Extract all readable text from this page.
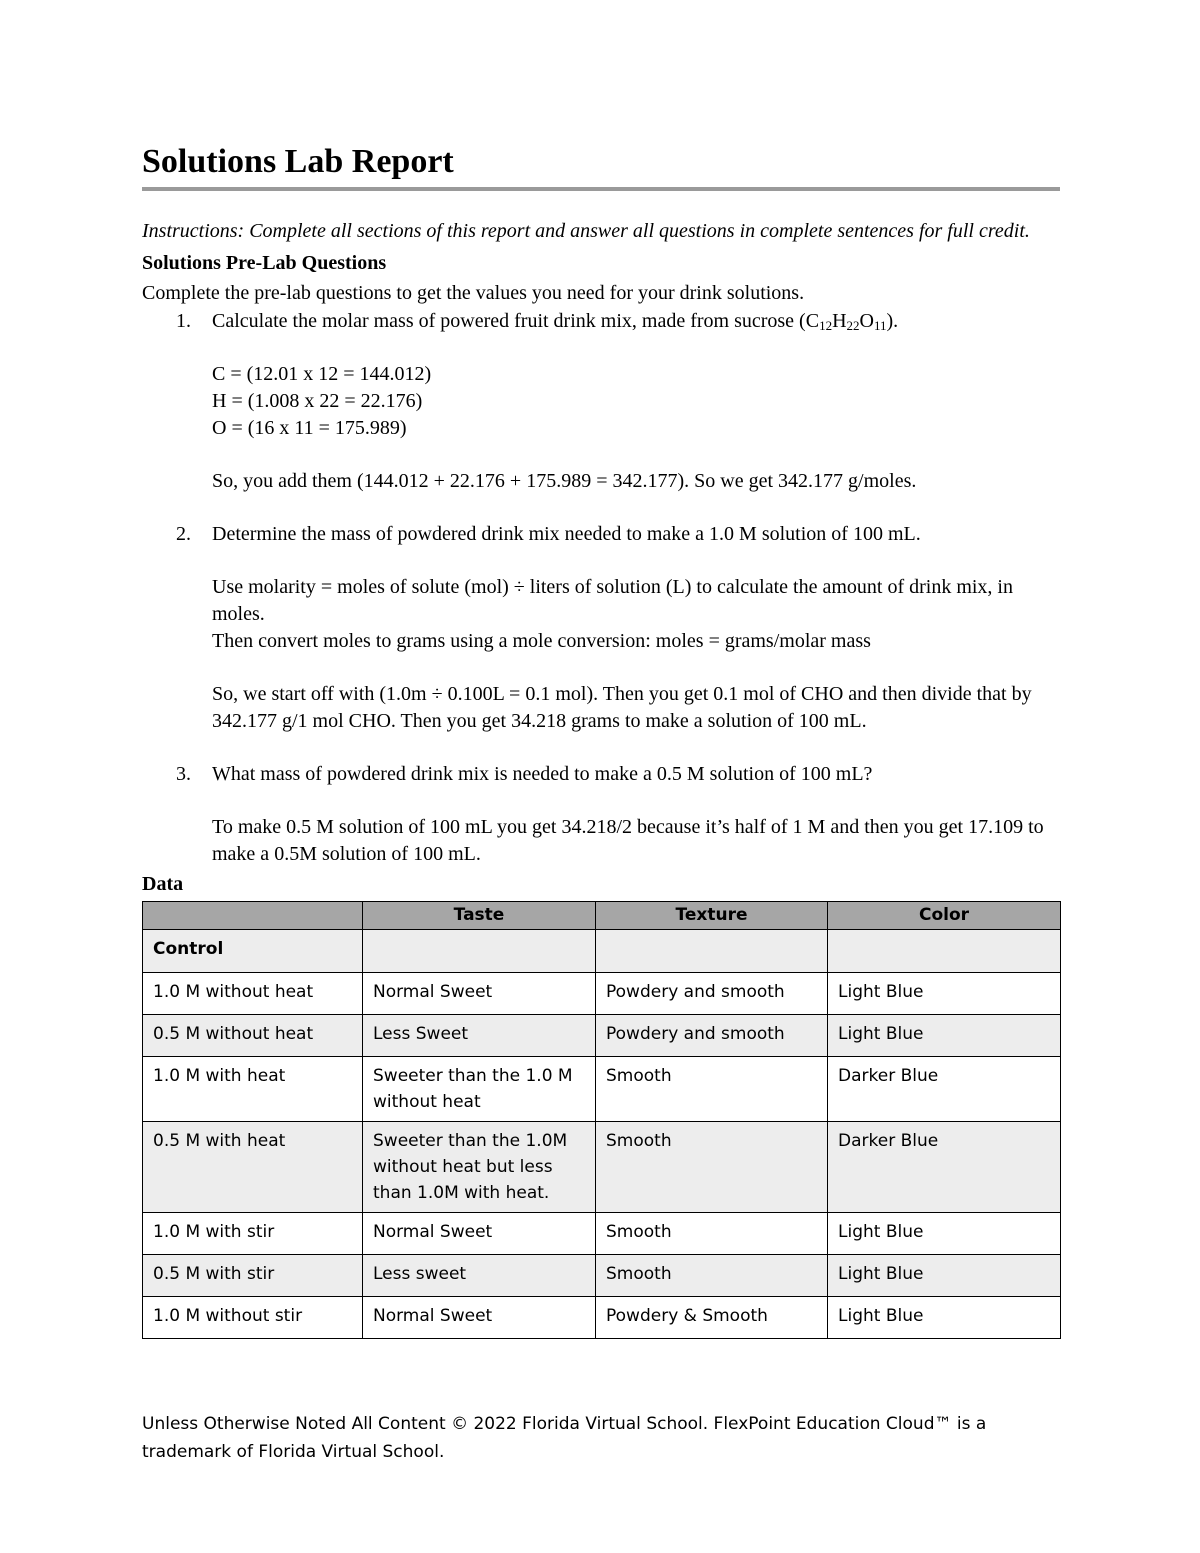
Solutions Lab Report
Instructions: Complete all sections of this report and answer all questions in complete sentences for full credit.
Solutions Pre-Lab Questions
Complete the pre-lab questions to get the values you need for your drink solutions.
1. Calculate the molar mass of powered fruit drink mix, made from sucrose $(C_{12}H_{22}O_{11})$.

C = (12.01 x 12 = 144.012)

H = (1.008 x 22 = 22.176)

O = (16 x 11 = 175.989)

So, you add them (144.012 + 22.176 + 175.989 = 342.177). So we get 342.177 g/moles.

2. Determine the mass of powdered drink mix needed to make a 1.0 M solution of 100 mL.

Use molarity = moles of solute (mol) ÷ liters of solution (L) to calculate the amount of drink mix, in moles.

Then convert moles to grams using a mole conversion: moles = grams/molar mass

So, we start off with (1.0m ÷ 0.100L = 0.1 mol). Then you get 0.1 mol of CHO and then divide that by 342.177 g/1 mol CHO. Then you get 34.218 grams to make a solution of 100 mL.

3. What mass of powdered drink mix is needed to make a 0.5 M solution of 100 mL?

To make 0.5 M solution of 100 mL you get 34.218/2 because it’s half of 1 M and then you get 17.109 to make a 0.5M solution of 100 mL.

Data
	Taste	Texture	Color
Control			
1.0 M without heat	Normal Sweet	Powdery and smooth	Light Blue
0.5 M without heat	Less Sweet	Powdery and smooth	Light Blue
1.0 M with heat	Sweeter than the 1.0 M without heat	Smooth	Darker Blue
0.5 M with heat	Sweeter than the 1.0M without heat but less than 1.0M with heat.	Smooth	Darker Blue
1.0 M with stir	Normal Sweet	Smooth	Light Blue
0.5 M with stir	Less sweet	Smooth	Light Blue
1.0 M without stir	Normal Sweet	Powdery & Smooth	Light Blue
Unless Otherwise Noted All Content © 2022 Florida Virtual School. FlexPoint Education Cloud™ is a trademark of Florida Virtual School.
